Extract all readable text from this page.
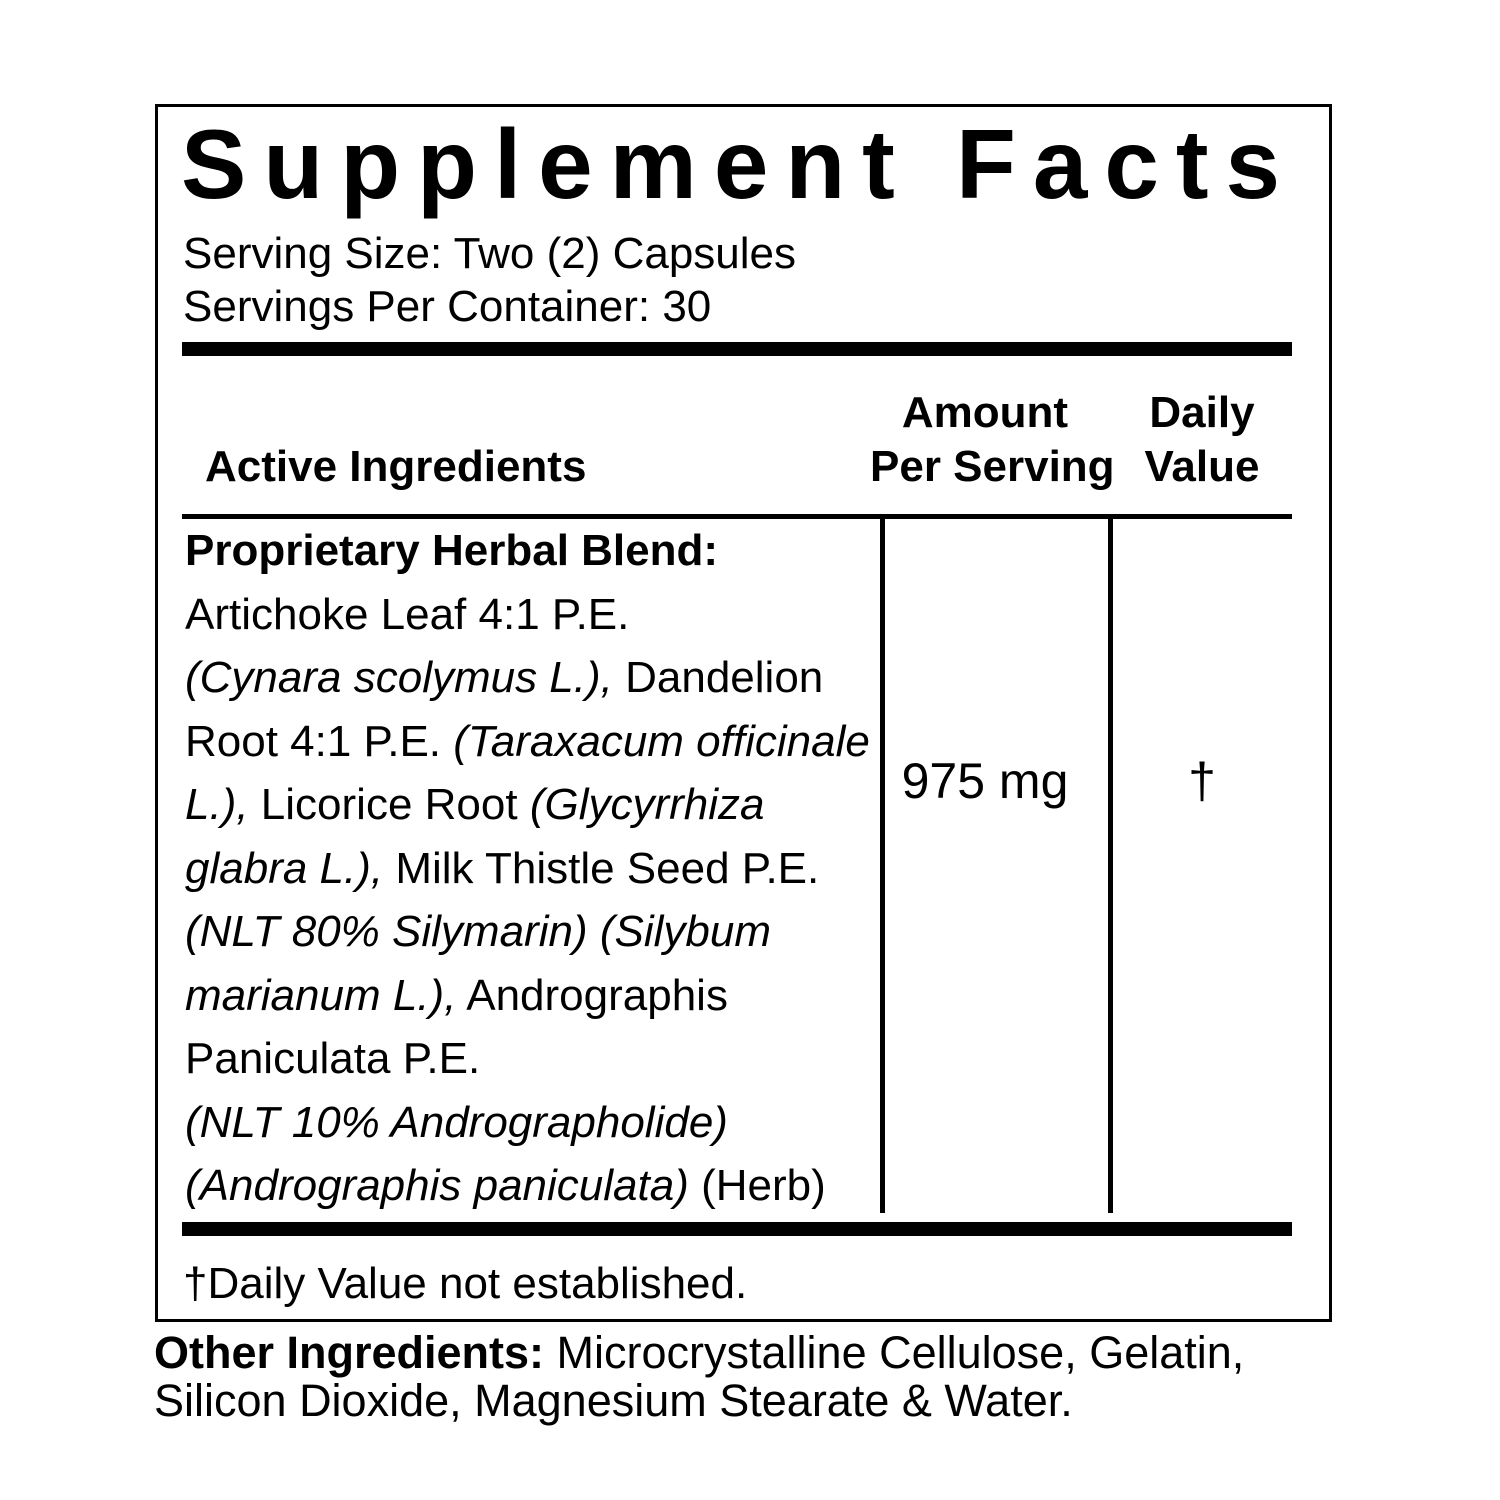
Supplement Facts
Serving Size: Two (2) Capsules
Servings Per Container: 30
Active Ingredients
Amount
Per Serving
Daily
Value
Proprietary Herbal Blend:
Artichoke Leaf 4:1 P.E.
(Cynara scolymus L.), Dandelion
Root 4:1 P.E. (Taraxacum officinale
L.), Licorice Root (Glycyrrhiza
glabra L.), Milk Thistle Seed P.E.
(NLT 80% Silymarin) (Silybum
marianum L.), Andrographis
Paniculata P.E.
(NLT 10% Andrographolide)
(Andrographis paniculata) (Herb)
975 mg	†
†Daily Value not established.
Other Ingredients: Microcrystalline Cellulose, Gelatin,
Silicon Dioxide, Magnesium Stearate & Water.
